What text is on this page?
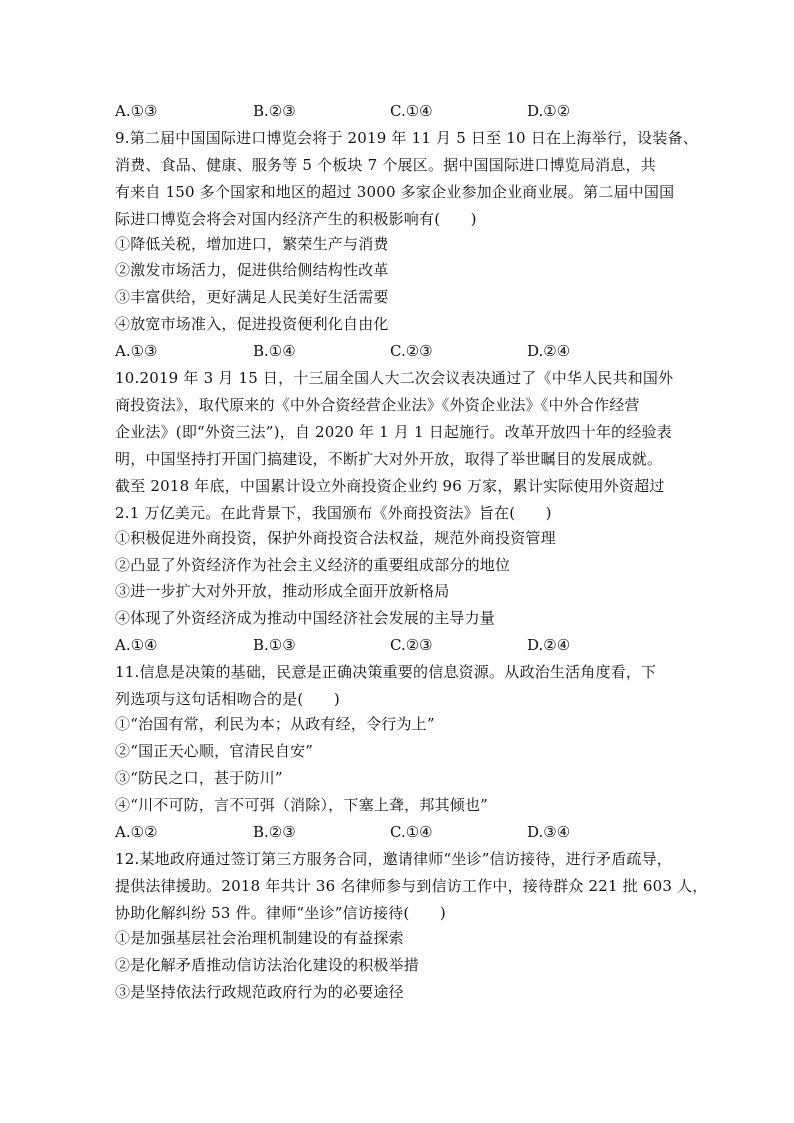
A.①③	B.②③	C.①④	D.①②
9.第二届中国国际进口博览会将于 2019 年 11 月 5 日至 10 日在上海举行，设装备、
消费、食品、健康、服务等 5 个板块 7 个展区。据中国国际进口博览局消息，共
有来自 150 多个国家和地区的超过 3000 多家企业参加企业商业展。第二届中国国
际进口博览会将会对国内经济产生的积极影响有(　　)
①降低关税，增加进口，繁荣生产与消费
②激发市场活力，促进供给侧结构性改革
③丰富供给，更好满足人民美好生活需要
④放宽市场准入，促进投资便利化自由化
A.①③	B.①④	C.②③	D.②④
10.2019 年 3 月 15 日，十三届全国人大二次会议表决通过了《中华人民共和国外
商投资法》，取代原来的《中外合资经营企业法》《外资企业法》《中外合作经营
企业法》(即“外资三法”)，自 2020 年 1 月 1 日起施行。改革开放四十年的经验表
明，中国坚持打开国门搞建设，不断扩大对外开放，取得了举世瞩目的发展成就。
截至 2018 年底，中国累计设立外商投资企业约 96 万家，累计实际使用外资超过
2.1 万亿美元。在此背景下，我国颁布《外商投资法》旨在(　　)
①积极促进外商投资，保护外商投资合法权益，规范外商投资管理
②凸显了外资经济作为社会主义经济的重要组成部分的地位
③进一步扩大对外开放，推动形成全面开放新格局
④体现了外资经济成为推动中国经济社会发展的主导力量
A.①④	B.①③	C.②③	D.②④
11.信息是决策的基础，民意是正确决策重要的信息资源。从政治生活角度看，下
列选项与这句话相吻合的是(　　)
①“治国有常，利民为本；从政有经，令行为上”
②“国正天心顺，官清民自安”
③“防民之口，甚于防川”
④“川不可防，言不可弭（消除），下塞上聋，邦其倾也”
A.①②	B.②③	C.①④	D.③④
12.某地政府通过签订第三方服务合同，邀请律师“坐诊”信访接待，进行矛盾疏导，
提供法律援助。2018 年共计 36 名律师参与到信访工作中，接待群众 221 批 603 人，
协助化解纠纷 53 件。律师“坐诊”信访接待(　　)
①是加强基层社会治理机制建设的有益探索
②是化解矛盾推动信访法治化建设的积极举措
③是坚持依法行政规范政府行为的必要途径
